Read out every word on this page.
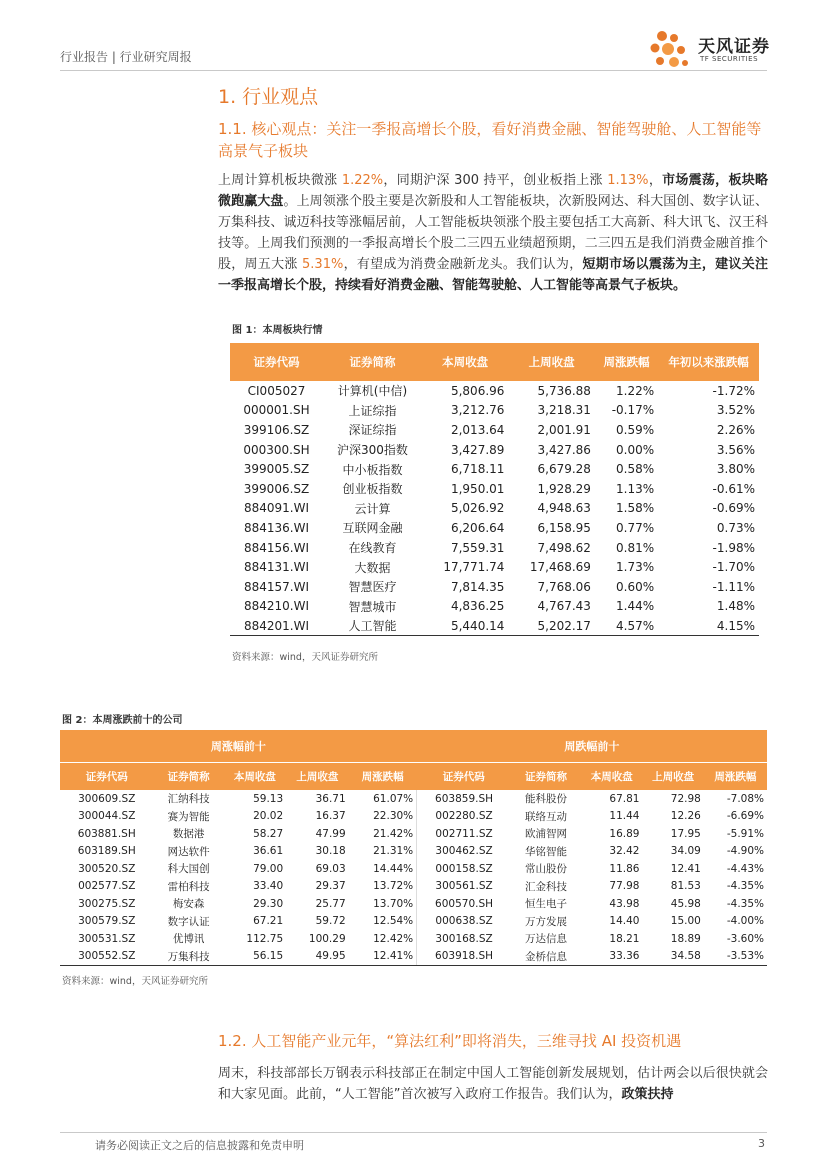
行业报告 | 行业研究周报	天风证券
TF SECURITIES
1. 行业观点
1.1. 核心观点：关注一季报高增长个股，看好消费金融、智能驾驶舱、人工智能等高景气子板块
上周计算机板块微涨 1.22%，同期沪深 300 持平，创业板指上涨 1.13%，市场震荡，板块略微跑赢大盘。上周领涨个股主要是次新股和人工智能板块，次新股网达、科大国创、数字认证、万集科技、诚迈科技等涨幅居前，人工智能板块领涨个股主要包括工大高新、科大讯飞、汉王科技等。上周我们预测的一季报高增长个股二三四五业绩超预期，二三四五是我们消费金融首推个股，周五大涨 5.31%，有望成为消费金融新龙头。我们认为，短期市场以震荡为主，建议关注一季报高增长个股，持续看好消费金融、智能驾驶舱、人工智能等高景气子板块。
图 1：本周板块行情
证券代码	证券简称	本周收盘	上周收盘	周涨跌幅	年初以来涨跌幅
CI005027	计算机(中信)	5,806.96	5,736.88	1.22%	-1.72%
000001.SH	上证综指	3,212.76	3,218.31	-0.17%	3.52%
399106.SZ	深证综指	2,013.64	2,001.91	0.59%	2.26%
000300.SH	沪深300指数	3,427.89	3,427.86	0.00%	3.56%
399005.SZ	中小板指数	6,718.11	6,679.28	0.58%	3.80%
399006.SZ	创业板指数	1,950.01	1,928.29	1.13%	-0.61%
884091.WI	云计算	5,026.92	4,948.63	1.58%	-0.69%
884136.WI	互联网金融	6,206.64	6,158.95	0.77%	0.73%
884156.WI	在线教育	7,559.31	7,498.62	0.81%	-1.98%
884131.WI	大数据	17,771.74	17,468.69	1.73%	-1.70%
884157.WI	智慧医疗	7,814.35	7,768.06	0.60%	-1.11%
884210.WI	智慧城市	4,836.25	4,767.43	1.44%	1.48%
884201.WI	人工智能	5,440.14	5,202.17	4.57%	4.15%
资料来源：wind，天风证券研究所
图 2：本周涨跌前十的公司
周涨幅前十					周跌幅前十				
证券代码	证券简称	本周收盘	上周收盘	周涨跌幅	证券代码	证券简称	本周收盘	上周收盘	周涨跌幅
300609.SZ	汇纳科技	59.13	36.71	61.07%	603859.SH	能科股份	67.81	72.98	-7.08%
300044.SZ	赛为智能	20.02	16.37	22.30%	002280.SZ	联络互动	11.44	12.26	-6.69%
603881.SH	数据港	58.27	47.99	21.42%	002711.SZ	欧浦智网	16.89	17.95	-5.91%
603189.SH	网达软件	36.61	30.18	21.31%	300462.SZ	华铭智能	32.42	34.09	-4.90%
300520.SZ	科大国创	79.00	69.03	14.44%	000158.SZ	常山股份	11.86	12.41	-4.43%
002577.SZ	雷柏科技	33.40	29.37	13.72%	300561.SZ	汇金科技	77.98	81.53	-4.35%
300275.SZ	梅安森	29.30	25.77	13.70%	600570.SH	恒生电子	43.98	45.98	-4.35%
300579.SZ	数字认证	67.21	59.72	12.54%	000638.SZ	万方发展	14.40	15.00	-4.00%
300531.SZ	优博讯	112.75	100.29	12.42%	300168.SZ	万达信息	18.21	18.89	-3.60%
300552.SZ	万集科技	56.15	49.95	12.41%	603918.SH	金桥信息	33.36	34.58	-3.53%
资料来源：wind，天风证券研究所
1.2. 人工智能产业元年，“算法红利”即将消失，三维寻找 AI 投资机遇
周末，科技部部长万钢表示科技部正在制定中国人工智能创新发展规划，估计两会以后很快就会和大家见面。此前，“人工智能”首次被写入政府工作报告。我们认为，政策扶持
请务必阅读正文之后的信息披露和免责申明	3
